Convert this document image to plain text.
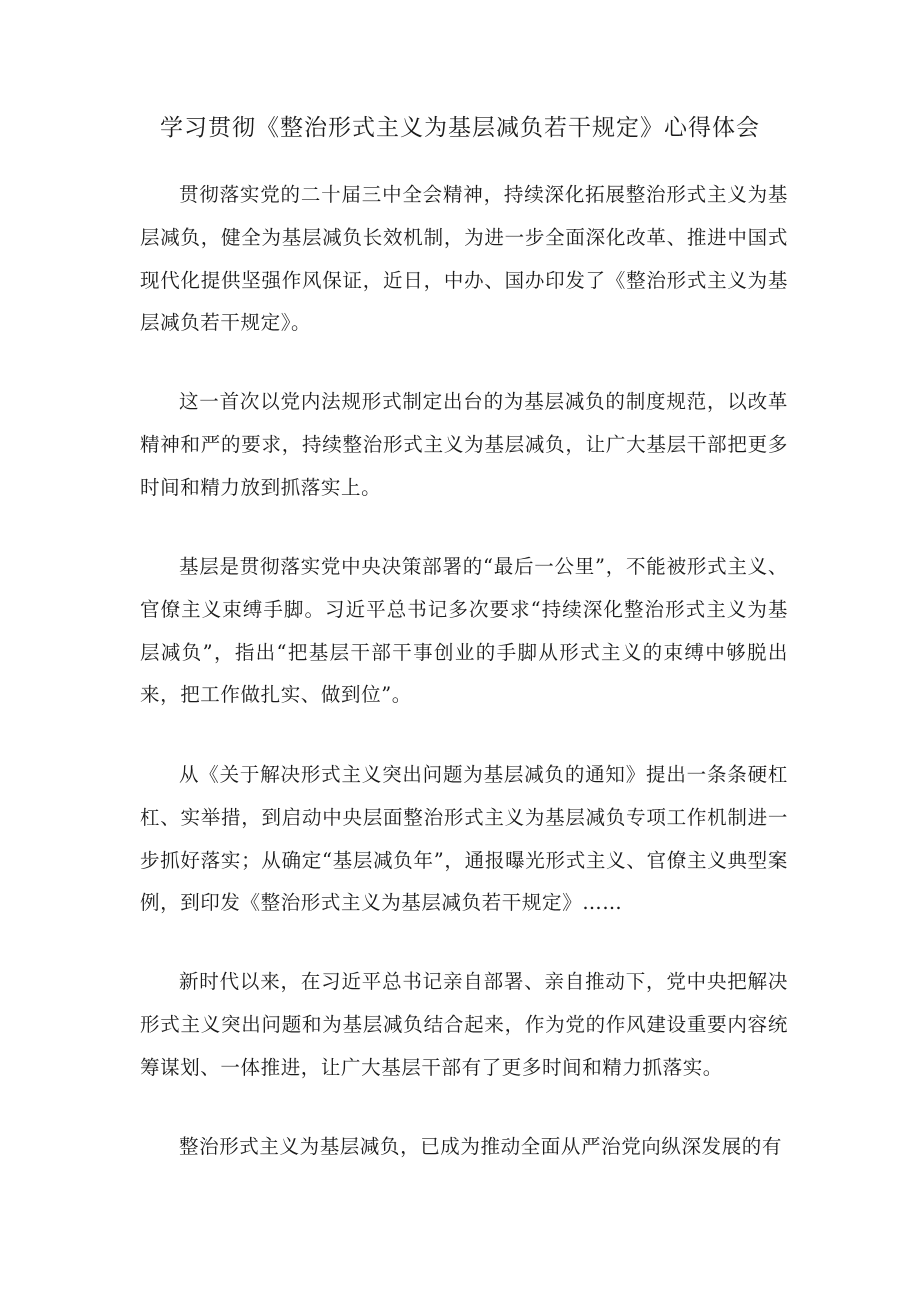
学习贯彻《整治形式主义为基层减负若干规定》心得体会

贯彻落实党的二十届三中全会精神，持续深化拓展整治形式主义为基层减负，健全为基层减负长效机制，为进一步全面深化改革、推进中国式现代化提供坚强作风保证，近日，中办、国办印发了《整治形式主义为基层减负若干规定》。

这一首次以党内法规形式制定出台的为基层减负的制度规范，以改革精神和严的要求，持续整治形式主义为基层减负，让广大基层干部把更多时间和精力放到抓落实上。

基层是贯彻落实党中央决策部署的“最后一公里”，不能被形式主义、官僚主义束缚手脚。习近平总书记多次要求“持续深化整治形式主义为基层减负”，指出“把基层干部干事创业的手脚从形式主义的束缚中够脱出来，把工作做扎实、做到位”。

从《关于解决形式主义突出问题为基层减负的通知》提出一条条硬杠杠、实举措，到启动中央层面整治形式主义为基层减负专项工作机制进一步抓好落实；从确定“基层减负年”，通报曝光形式主义、官僚主义典型案例，到印发《整治形式主义为基层减负若干规定》……

新时代以来，在习近平总书记亲自部署、亲自推动下，党中央把解决形式主义突出问题和为基层减负结合起来，作为党的作风建设重要内容统筹谋划、一体推进，让广大基层干部有了更多时间和精力抓落实。

整治形式主义为基层减负，已成为推动全面从严治党向纵深发展的有
